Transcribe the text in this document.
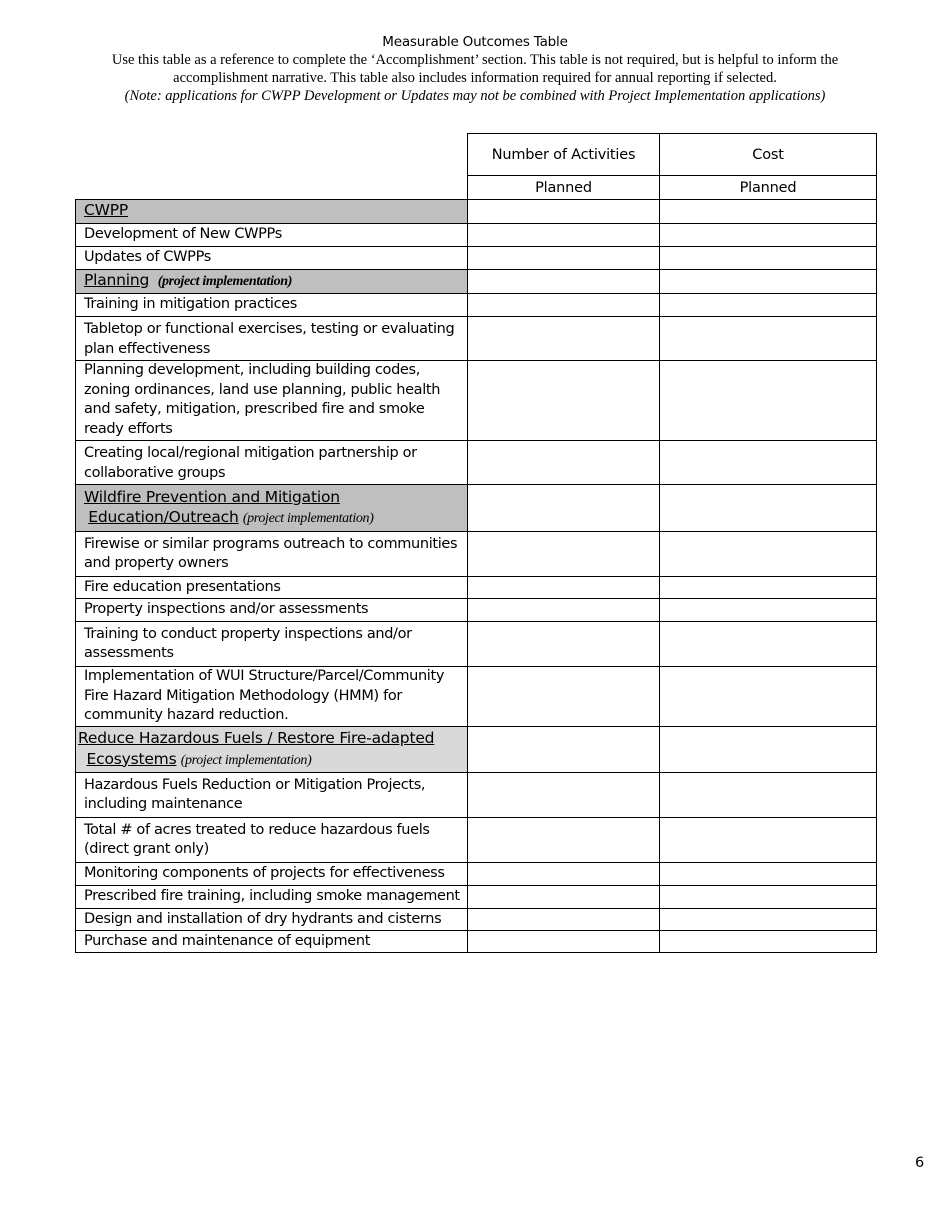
Measurable Outcomes Table
Use this table as a reference to complete the ‘Accomplishment’ section. This table is not required, but is helpful to inform the accomplishment narrative. This table also includes information required for annual reporting if selected.
(Note: applications for CWPP Development or Updates may not be combined with Project Implementation applications)
	Number of Activities	Cost
	Planned	Planned
CWPP		
Development of New CWPPs		
Updates of CWPPs		
Planning (project implementation)		
Training in mitigation practices		
Tabletop or functional exercises, testing or evaluating plan effectiveness		
Planning development, including building codes, zoning ordinances, land use planning, public health and safety, mitigation, prescribed fire and smoke ready efforts		
Creating local/regional mitigation partnership or collaborative groups		
Wildfire Prevention and Mitigation
Education/Outreach (project implementation)		
Firewise or similar programs outreach to communities and property owners		
Fire education presentations		
Property inspections and/or assessments		
Training to conduct property inspections and/or assessments		
Implementation of WUI Structure/Parcel/Community Fire Hazard Mitigation Methodology (HMM) for community hazard reduction.		
Reduce Hazardous Fuels / Restore Fire-adapted
Ecosystems (project implementation)		
Hazardous Fuels Reduction or Mitigation Projects, including maintenance		
Total # of acres treated to reduce hazardous fuels (direct grant only)		
Monitoring components of projects for effectiveness		
Prescribed fire training, including smoke management		
Design and installation of dry hydrants and cisterns		
Purchase and maintenance of equipment		
6
